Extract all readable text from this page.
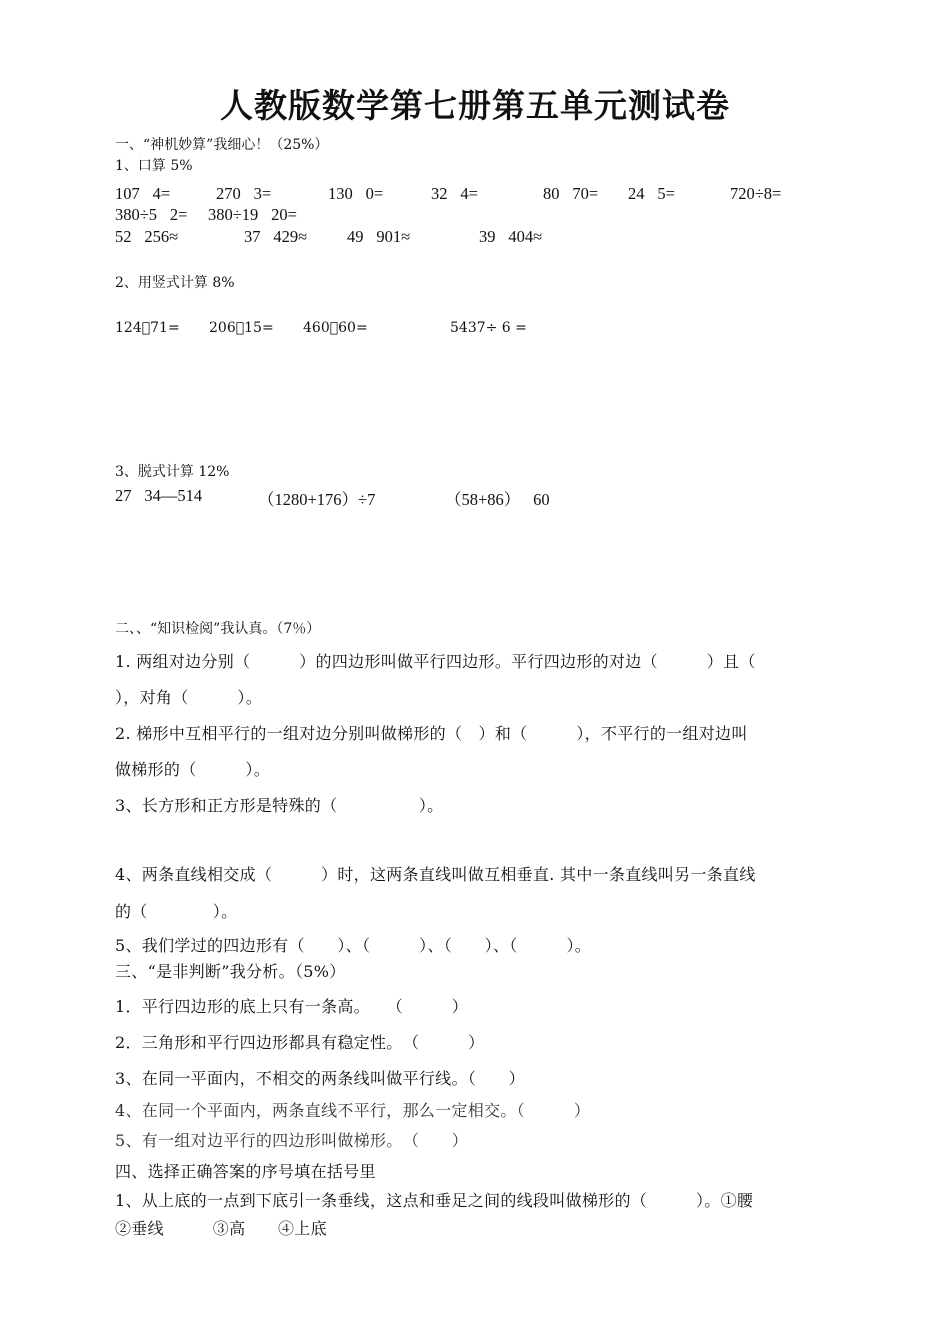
人教版数学第七册第五单元测试卷
一、“神机妙算”我细心！（25%）
1、口算 5%
107􏰀4=	270􏰀3=	130􏰀0=	32􏰀4=	80􏰀70= 24􏰀5=	720÷8=
380÷5􏰀2= 380÷19􏰀20=
52􏰀256≈	37􏰀429≈ 49􏰀901≈	39􏰀404≈
2、用竖式计算 8%
124􏰀71= 206􏰀15= 460􏰀60=	5437÷ 6 =
3、脱式计算 12%
27􏰀34—514	（1280+176）÷7	（58+86）􏰀60
二、、“知识检阅”我认真。（7％）
1. 两组对边分别（　　　）的四边形叫做平行四边形。平行四边形的对边（　　　）且（
），对角（　　　）。
2. 梯形中互相平行的一组对边分别叫做梯形的（　）和（　　　），不平行的一组对边叫
做梯形的（　　　）。
3、长方形和正方形是特殊的（　　　　　）。
4、两条直线相交成（　　　）时，这两条直线叫做互相垂直. 其中一条直线叫另一条直线
的（　　　　）。
5、我们学过的四边形有（　　）、（　　　）、（　　）、（　　　）。
三、“是非判断”我分析。（5%）
1．平行四边形的底上只有一条高。　　（　　　）
2．三角形和平行四边形都具有稳定性。　（　　　）
3、在同一平面内，不相交的两条线叫做平行线。（　　）
4、在同一个平面内，两条直线不平行，那么一定相交。（　　　）
5、有一组对边平行的四边形叫做梯形。　（　　）
四、选择正确答案的序号填在括号里
1、从上底的一点到下底引一条垂线，这点和垂足之间的线段叫做梯形的（　　　）。①腰
②垂线　　　③高　　④上底
